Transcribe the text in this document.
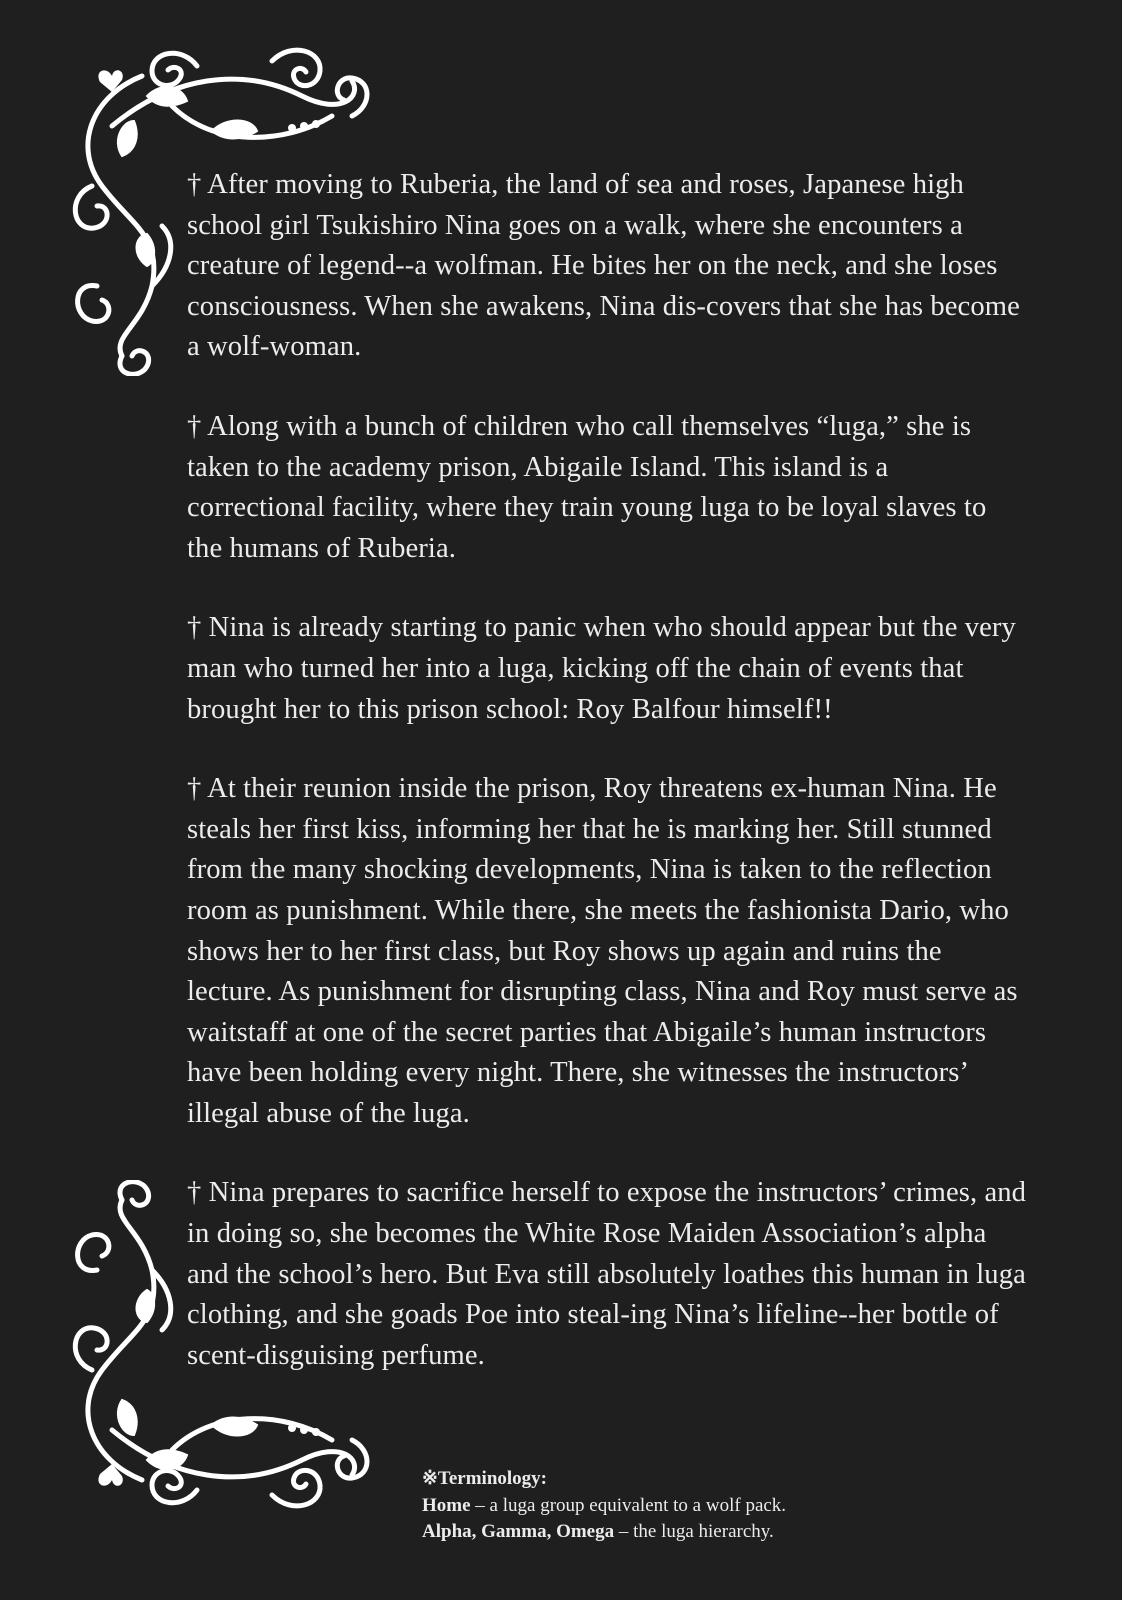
† After moving to Ruberia, the land of sea and roses, Japanese high school girl Tsukishiro Nina goes on a walk, where she encounters a creature of legend--a wolfman. He bites her on the neck, and she loses consciousness. When she awakens, Nina dis-covers that she has become a wolf-woman.

† Along with a bunch of children who call themselves “luga,” she is taken to the academy prison, Abigaile Island. This island is a correctional facility, where they train young luga to be loyal slaves to the humans of Ruberia.

† Nina is already starting to panic when who should appear but the very man who turned her into a luga, kicking off the chain of events that brought her to this prison school: Roy Balfour himself!!

† At their reunion inside the prison, Roy threatens ex-human Nina. He steals her first kiss, informing her that he is marking her. Still stunned from the many shocking developments, Nina is taken to the reflection room as punishment. While there, she meets the fashionista Dario, who shows her to her first class, but Roy shows up again and ruins the lecture. As punishment for disrupting class, Nina and Roy must serve as waitstaff at one of the secret parties that Abigaile’s human instructors have been holding every night. There, she witnesses the instructors’ illegal abuse of the luga.

† Nina prepares to sacrifice herself to expose the instructors’ crimes, and in doing so, she becomes the White Rose Maiden Association’s alpha and the school’s hero. But Eva still absolutely loathes this human in luga clothing, and she goads Poe into steal-ing Nina’s lifeline--her bottle of scent-disguising perfume.

※Terminology:
Home – a luga group equivalent to a wolf pack.
Alpha, Gamma, Omega – the luga hierarchy.
